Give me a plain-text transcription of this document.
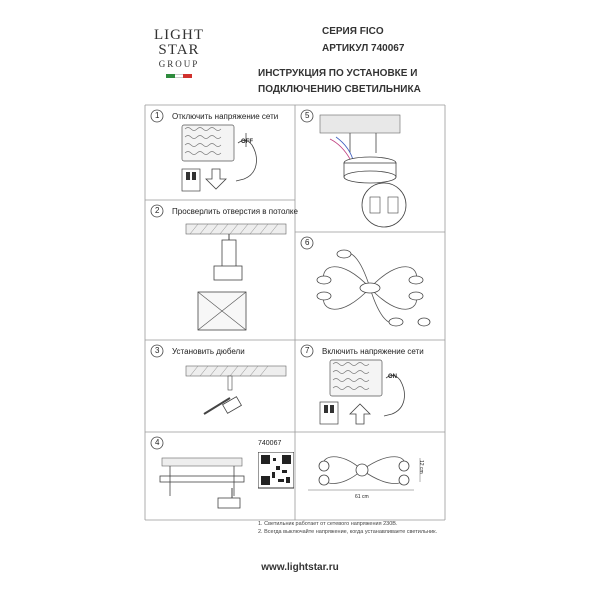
LIGHT
STAR
GROUP
СЕРИЯ FICO
АРТИКУЛ 740067
ИНСТРУКЦИЯ ПО УСТАНОВКЕ И
ПОДКЛЮЧЕНИЮ СВЕТИЛЬНИКА
1 Отключить напряжение сети
OFF
2 Просверлить отверстия в потолке
3 Установить дюбели
4
5
6
7 Включить напряжение сети
ON
740067
61 cm
12 cm
1. Светильник работает от сетевого напряжения 230В.
2. Всегда выключайте напряжение, когда устанавливаете светильник.
www.lightstar.ru
